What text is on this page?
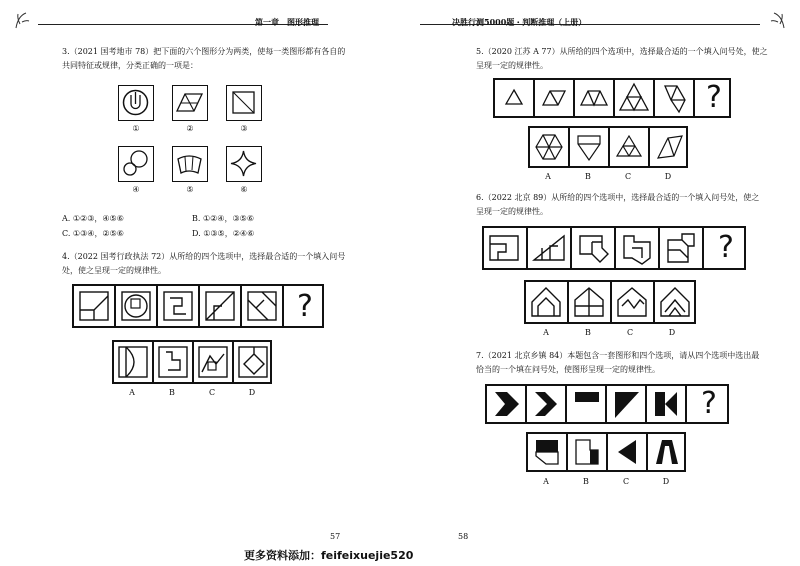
第一章　图形推理	决胜行测5000题・判断推理（上册）
3.（2021 国考地市 78）把下面的六个图形分为两类，使每一类图形都有各自的
共同特征或规律，分类正确的一项是：
①	②	③
④	⑤	⑥
A. ①②③，④⑤⑥	B. ①②④，③⑤⑥
C. ①③④，②⑤⑥	D. ①③⑤，②④⑥
4.（2022 国考行政执法 72）从所给的四个选项中，选择最合适的一个填入问号
处，使之呈现一定的规律性。
?
A	B	C	D
57
更多资料添加：feifeixuejie520
5.（2020 江苏 A 77）从所给的四个选项中，选择最合适的一个填入问号处，使之
呈现一定的规律性。
?
A	B	C	D
6.（2022 北京 89）从所给的四个选项中，选择最合适的一个填入问号处，使之
呈现一定的规律性。
?
A	B	C	D
7.（2021 北京乡镇 84）本题包含一套图形和四个选项，请从四个选项中选出最
恰当的一个填在问号处，使图形呈现一定的规律性。
?
A	B	C	D
58
